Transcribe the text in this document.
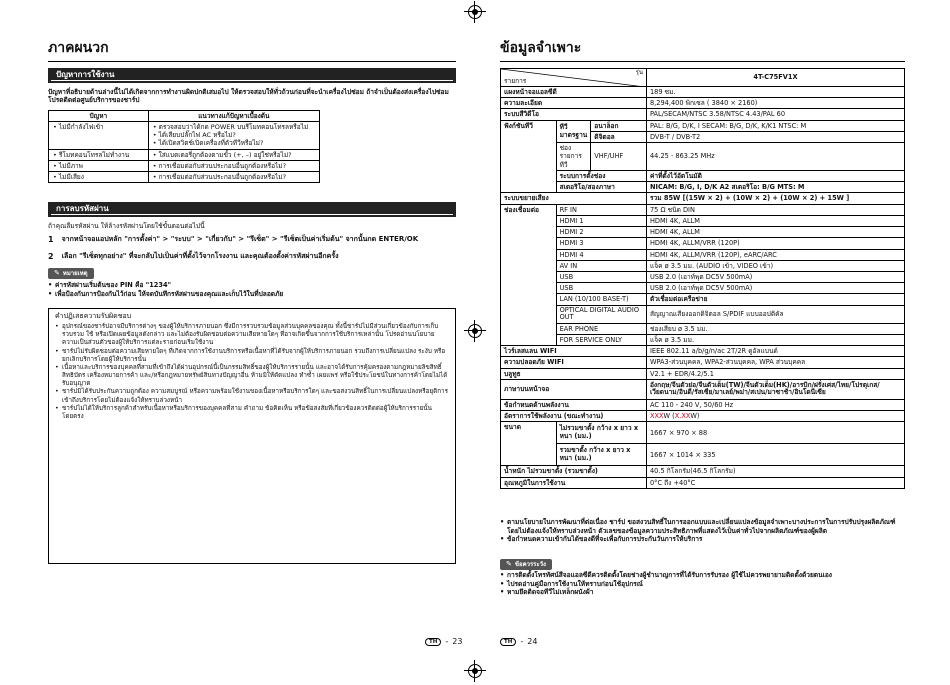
ภาคผนวก
ปัญหาการใช้งาน
ปัญหาที่อธิบายด้านล่างนี้ไม่ได้เกิดจากการทำงานผิดปกติเสมอไป ให้ตรวจสอบให้ทั่วถ้วนก่อนที่จะนำเครื่องไปซ่อม ถ้าจำเป็นต้องส่งเครื่องไปซ่อม โปรดติดต่อศูนย์บริการของชาร์ป
ปัญหา	แนวทางแก้ปัญหาเบื้องต้น
• ไม่มีกำลังไฟเข้า	• ตรวจสอบว่าได้กด POWER บนรีโมทคอนโทรลหรือไม่
• ได้เสียบปลั๊กไฟ AC หรือไม่?
• ได้เปิดสวิตช์เปิดเครื่องที่ตัวทีวีหรือไม่?
• รีโมทคอนโทรลไม่ทำงาน	• ใส่แบตเตอรี่ถูกต้องตามขั้ว (+, –) อยู่ใช่หรือไม่?
• ไม่มีภาพ	• การเชื่อมต่อกับส่วนประกอบอื่นถูกต้องหรือไม่?
• ไม่มีเสียง	• การเชื่อมต่อกับส่วนประกอบอื่นถูกต้องหรือไม่?
การลบรหัสผ่าน
ถ้าคุณลืมรหัสผ่าน ให้ล้างรหัสผ่านโดยใช้ขั้นตอนต่อไปนี้
1 จากหน้าจอแอปหลัก "การตั้งค่า" > "ระบบ" > "เกี่ยวกับ" > "รีเซ็ต" > "รีเซ็ตเป็นค่าเริ่มต้น" จากนั้นกด ENTER/OK
2 เลือก "รีเซ็ตทุกอย่าง" ที่จะกลับไปเป็นค่าที่ตั้งไว้จากโรงงาน และคุณต้องตั้งค่ารหัสผ่านอีกครั้ง
✎ หมายเหตุ
• ค่ารหัสผ่านเริ่มต้นของ PIN คือ "1234"
• เพื่อป้องกันการป้องกันไว้ก่อน ให้จดบันทึกรหัสผ่านของคุณและเก็บไว้ในที่ปลอดภัย
คำปฏิเสธความรับผิดชอบ
• อุปกรณ์ของชาร์ปอาจมีบริการต่างๆ ของผู้ให้บริการภายนอก ซึ่งมีการรวบรวมข้อมูลส่วนบุคคลของคุณ ทั้งนี้ชาร์ปไม่มีส่วนเกี่ยวข้องกับการเก็บรวบรวม ใช้ หรือเปิดเผยข้อมูลดังกล่าว และไม่ต้องรับผิดชอบต่อความเสียหายใดๆ ที่อาจเกิดขึ้นจากการใช้บริการเหล่านั้น โปรดอ่านนโยบายความเป็นส่วนตัวของผู้ให้บริการแต่ละรายก่อนเริ่มใช้งาน
• ชาร์ปไม่รับผิดชอบต่อความเสียหายใดๆ ที่เกิดจากการใช้งานบริการหรือเนื้อหาที่ได้รับจากผู้ให้บริการภายนอก รวมถึงการเปลี่ยนแปลง ระงับ หรือยกเลิกบริการโดยผู้ให้บริการนั้น
• เนื้อหาและบริการของบุคคลที่สามที่เข้าถึงได้ผ่านอุปกรณ์นี้เป็นกรรมสิทธิ์ของผู้ให้บริการรายนั้น และอาจได้รับการคุ้มครองตามกฎหมายลิขสิทธิ์ สิทธิบัตร เครื่องหมายการค้า และ/หรือกฎหมายทรัพย์สินทางปัญญาอื่น ห้ามมิให้ดัดแปลง ทำซ้ำ เผยแพร่ หรือใช้ประโยชน์ในทางการค้าโดยไม่ได้รับอนุญาต
• ชาร์ปมิได้รับประกันความถูกต้อง ความสมบูรณ์ หรือความพร้อมใช้งานของเนื้อหาหรือบริการใดๆ และขอสงวนสิทธิ์ในการเปลี่ยนแปลงหรือยุติการเข้าถึงบริการโดยไม่ต้องแจ้งให้ทราบล่วงหน้า
• ชาร์ปไม่ได้ให้บริการลูกค้าสำหรับเนื้อหาหรือบริการของบุคคลที่สาม คำถาม ข้อคิดเห็น หรือข้อสงสัยที่เกี่ยวข้องควรติดต่อผู้ให้บริการรายนั้นโดยตรง
TH	- 23
ข้อมูลจำเพาะ
รุ่น
รายการ			4T-C75FV1X
แผงหน้าจอแอลซีดี			189 ซม.
ความละเอียด			8,294,400 พิกเซล ( 3840 × 2160)
ระบบสีวิดีโอ			PAL/SECAM/NTSC 3.58/NTSC 4.43/PAL 60
ฟังก์ชันทีวี	ทีวีมาตรฐาน	อนาล็อก	PAL: B/G, D/K, I SECAM: B/G, D/K, K/K1 NTSC: M
		ดิจิตอล	DVB-T / DVB-T2
	ช่องรายการทีวี	VHF/UHF	44.25 - 863.25 MHz

	ระบบการตั้งช่อง		ค่าที่ตั้งไว้อัตโนมัติ
	สเตอริโอ/สองภาษา		NICAM: B/G, I, D/K A2 สเตอริโอ: B/G MTS: M
ระบบขยายเสียง			รวม 85W [(15W × 2) + (10W × 2) + (10W × 2) + 15W ]
ช่องเชื่อมต่อ	RF IN		75 Ω ชนิด DIN
	HDMI 1		HDMI 4K, ALLM
	HDMI 2		HDMI 4K, ALLM
	HDMI 3		HDMI 4K, ALLM/VRR (120P)
	HDMI 4		HDMI 4K, ALLM/VRR (120P), eARC/ARC
	AV IN		แจ็ค ø 3.5 มม. (AUDIO เข้า, VIDEO เข้า)
	USB		USB 2.0 (เอาท์พุต DC5V 500mA)
	USB		USB 2.0 (เอาท์พุต DC5V 500mA)
	LAN (10/100 BASE-T)		ตัวเชื่อมต่อเครือข่าย
	OPTICAL DIGITAL AUDIO OUT		สัญญาณเสียงออกดิจิตอล S/PDIF แบบออปติคัล
	EAR PHONE		ช่องเสียบ ø 3.5 มม.
	FOR SERVICE ONLY		แจ็ค ø 3.5 มม.
ไวร์เลสแลน WIFI			IEEE 802.11 a/b/g/n/ac 2T/2R ดูอัลแบนด์
ความปลอดภัย WIFI			WPA3-ส่วนบุคคล, WPA2-ส่วนบุคคล, WPA ส่วนบุคคล
บลูทูธ			V2.1 + EDR/4.2/5.1
ภาษาบนหน้าจอ			อังกฤษ/จีนตัวย่อ/จีนตัวเต็ม(TW)/จีนตัวเต็ม(HK)/อารบิก/ฝรั่งเศส/ไทย/โปรตุเกส/เวียดนาม/อินดี/รัสเซีย/มาเลย์/พม่า/สเปน/มาซาช้า/อินโดนีเซีย
ข้อกำหนดด้านพลังงาน			AC 110 - 240 V, 50/60 Hz
อัตราการใช้พลังงาน (ขณะทำงาน)			XXXW (X.XXW)
ขนาด	ไม่รวมขาตั้ง กว้าง x ยาว x หนา (มม.)		1667 × 970 × 88
	รวมขาตั้ง กว้าง x ยาว x หนา (มม.)		1667 × 1014 × 335
น้ำหนัก ไม่รวมขาตั้ง (รวมขาตั้ง)			40.5 กิโลกรัม(46.5 กิโลกรัม)
อุณหภูมิในการใช้งาน			0°C ถึง +40°C
• ตามนโยบายในการพัฒนาที่ต่อเนื่อง ชาร์ป ขอสงวนสิทธิ์ในการออกแบบและเปลี่ยนแปลงข้อมูลจำเพาะบางประการในการปรับปรุงผลิตภัณฑ์โดยไม่ต้องแจ้งให้ทราบล่วงหน้า ตัวเลขของข้อมูลความประสิทธิภาพที่แสดงไว้เป็นค่าทั่วไปจากผลิตภัณฑ์ของผู้ผลิต
• ข้อกำหนดความเข้ากันได้ของดีที่จะเพื่อกับการประกันวันการให้บริการ
✎ ข้อควรระวัง
• การติดตั้งโทรทัศน์สีจอแอลซีดีควรติดตั้งโดยช่างผู้ชำนาญการที่ได้รับการรับรอง ผู้ใช้ไม่ควรพยายามติดตั้งด้วยตนเอง
• ไปรดอ่านคู่มือการใช้งานให้ทราบก่อนใช้อุปกรณ์
• หามยึดติดจอทีวีไม่เหล็กผนังผ้า
TH	- 24
